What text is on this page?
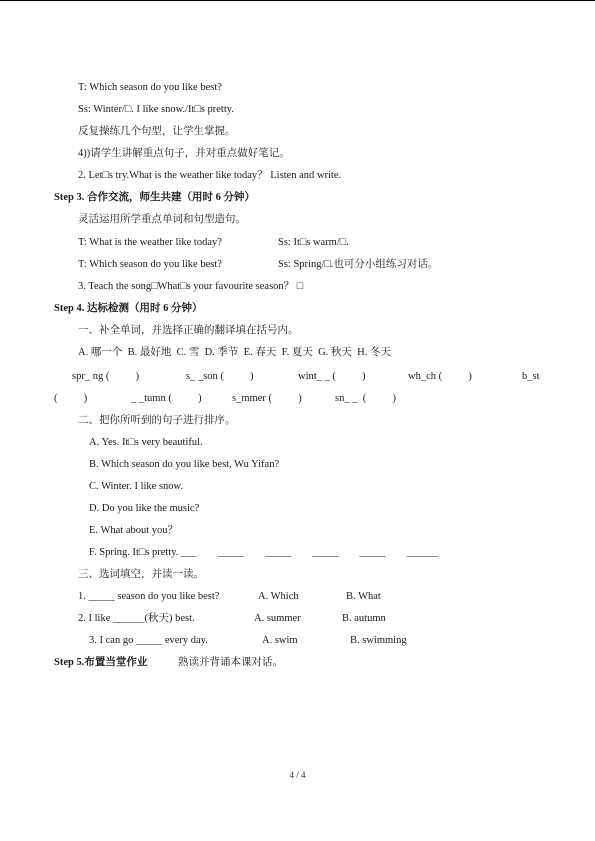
T: Which season do you like best?
Ss: Winter/□. I like snow./It□s pretty.
反复操练几个句型，让学生掌握。
4))请学生讲解重点句子，并对重点做好笔记。
2. Let□s try.What is the weather like today？ Listen and write.
Step 3. 合作交流，师生共建（用时 6 分钟）
灵活运用所学重点单词和句型造句。
T: What is the weather like today?	Ss: It□s warm/□.
T: Which season do you like best?	Ss: Spring/□.也可分小组练习对话。
3. Teach the song□What□s your favourite season？ □
Step 4. 达标检测（用时 6 分钟）
一、补全单词，并选择正确的翻译填在括号内。
A. 哪一个  B. 最好地  C. 雪  D. 季节  E. 春天  F. 夏天  G. 秋天  H. 冬天
spr_ ng (          )	s_ _son (          )	wint_ _ (          )	wh_ch (          )	b_st
(          )	_ _tumn (          )	s_mmer (          )	sn_ _  (          )
二、把你所听到的句子进行排序。
A. Yes. It□s very beautiful.
B. Which season do you like best, Wu Yifan?
C. Winter. I like snow.
D. Do you like the music?
E. What about you？
F. Spring. It□s pretty. ___        _____        _____        _____        _____        ______
三、选词填空，并读一读。
1. _____ season do you like best?	A. Which	B. What
2. I like ______(秋天) best.	A. summer	B. autumn
3. I can go _____ every day.	A. swim	B. swimming
Step 5.布置当堂作业	熟读并背诵本课对话。
4 / 4
